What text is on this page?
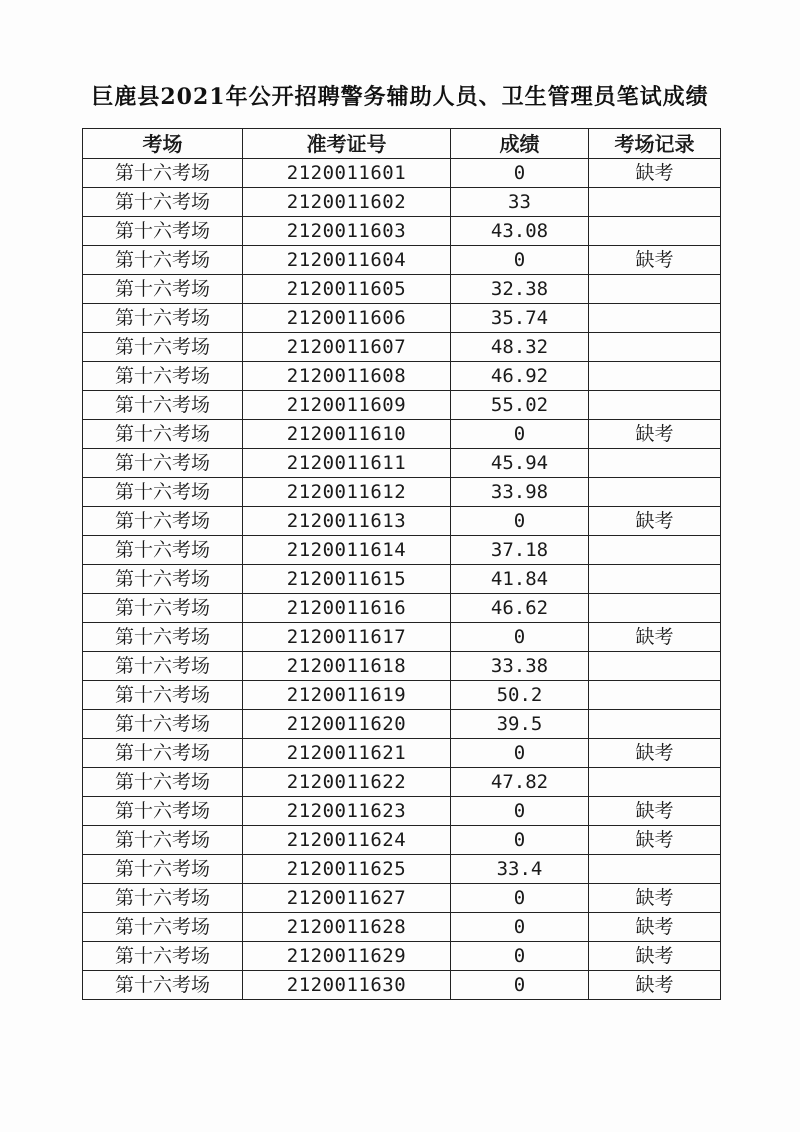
巨鹿县2021年公开招聘警务辅助人员、卫生管理员笔试成绩
考场	准考证号	成绩	考场记录
第十六考场	2120011601	0	缺考
第十六考场	2120011602	33	
第十六考场	2120011603	43.08	
第十六考场	2120011604	0	缺考
第十六考场	2120011605	32.38	
第十六考场	2120011606	35.74	
第十六考场	2120011607	48.32	
第十六考场	2120011608	46.92	
第十六考场	2120011609	55.02	
第十六考场	2120011610	0	缺考
第十六考场	2120011611	45.94	
第十六考场	2120011612	33.98	
第十六考场	2120011613	0	缺考
第十六考场	2120011614	37.18	
第十六考场	2120011615	41.84	
第十六考场	2120011616	46.62	
第十六考场	2120011617	0	缺考
第十六考场	2120011618	33.38	
第十六考场	2120011619	50.2	
第十六考场	2120011620	39.5	
第十六考场	2120011621	0	缺考
第十六考场	2120011622	47.82	
第十六考场	2120011623	0	缺考
第十六考场	2120011624	0	缺考
第十六考场	2120011625	33.4	
第十六考场	2120011627	0	缺考
第十六考场	2120011628	0	缺考
第十六考场	2120011629	0	缺考
第十六考场	2120011630	0	缺考
